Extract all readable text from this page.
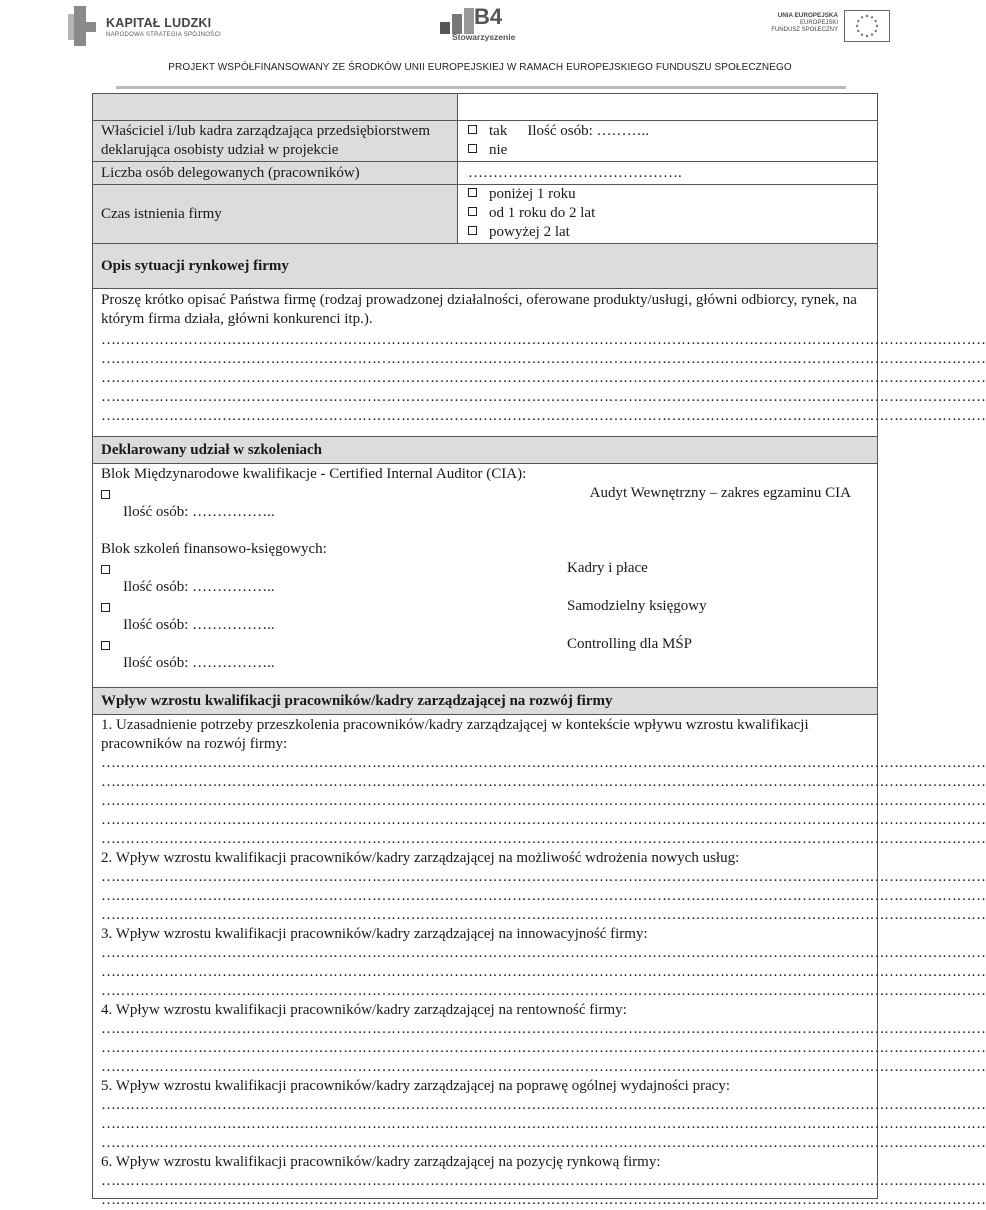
KAPITAŁ LUDZKI
NARODOWA STRATEGIA SPÓJNOŚCI
B4
Stowarzyszenie
UNIA EUROPEJSKA
EUROPEJSKI
FUNDUSZ SPOŁECZNY
PROJEKT WSPÓŁFINANSOWANY ZE ŚRODKÓW UNII EUROPEJSKIEJ W RAMACH EUROPEJSKIEGO FUNDUSZU SPOŁECZNEGO
Właściciel i/lub kadra zarządzająca przedsiębiorstwem deklarująca osobisty udział w projekcie
tak Ilość osób: ………..
nie
Liczba osób delegowanych (pracowników)	…………………………………….
Czas istnienia firmy
poniżej 1 roku
od 1 roku do 2 lat
powyżej 2 lat
Opis sytuacji rynkowej firmy
Proszę krótko opisać Państwa firmę (rodzaj prowadzonej działalności, oferowane produkty/usługi, główni odbiorcy, rynek, na którym firma działa, główni konkurenci itp.).
…………………………………………………………………………………………………………………………………………………………………
…………………………………………………………………………………………………………………………………………………………………
…………………………………………………………………………………………………………………………………………………………………
…………………………………………………………………………………………………………………………………………………………………
…………………………………………………………………………………………………………………………………………………………………
Deklarowany udział w szkoleniach
Blok Międzynarodowe kwalifikacje - Certified Internal Auditor (CIA):
Audyt Wewnętrzny – zakres egzaminu CIA
Ilość osób: ……………..
Blok szkoleń finansowo-księgowych:
Kadry i płace
Ilość osób: ……………..
Samodzielny księgowy
Ilość osób: ……………..
Controlling dla MŚP
Ilość osób: ……………..
Wpływ wzrostu kwalifikacji pracowników/kadry zarządzającej na rozwój firmy
1. Uzasadnienie potrzeby przeszkolenia pracowników/kadry zarządzającej w kontekście wpływu wzrostu kwalifikacji pracowników na rozwój firmy:
…………………………………………………………………………………………………………………………………………………………………
…………………………………………………………………………………………………………………………………………………………………
…………………………………………………………………………………………………………………………………………………………………
…………………………………………………………………………………………………………………………………………………………………
…………………………………………………………………………………………………………………………………………………………………
2. Wpływ wzrostu kwalifikacji pracowników/kadry zarządzającej na możliwość wdrożenia nowych usług:
…………………………………………………………………………………………………………………………………………………………………
…………………………………………………………………………………………………………………………………………………………………
…………………………………………………………………………………………………………………………………………………………………
3. Wpływ wzrostu kwalifikacji pracowników/kadry zarządzającej na innowacyjność firmy:
…………………………………………………………………………………………………………………………………………………………………
…………………………………………………………………………………………………………………………………………………………………
…………………………………………………………………………………………………………………………………………………………………
4. Wpływ wzrostu kwalifikacji pracowników/kadry zarządzającej na rentowność firmy:
…………………………………………………………………………………………………………………………………………………………………
…………………………………………………………………………………………………………………………………………………………………
…………………………………………………………………………………………………………………………………………………………………
5. Wpływ wzrostu kwalifikacji pracowników/kadry zarządzającej na poprawę ogólnej wydajności pracy:
…………………………………………………………………………………………………………………………………………………………………
…………………………………………………………………………………………………………………………………………………………………
…………………………………………………………………………………………………………………………………………………………………
6. Wpływ wzrostu kwalifikacji pracowników/kadry zarządzającej na pozycję rynkową firmy:
…………………………………………………………………………………………………………………………………………………………………
…………………………………………………………………………………………………………………………………………………………………
